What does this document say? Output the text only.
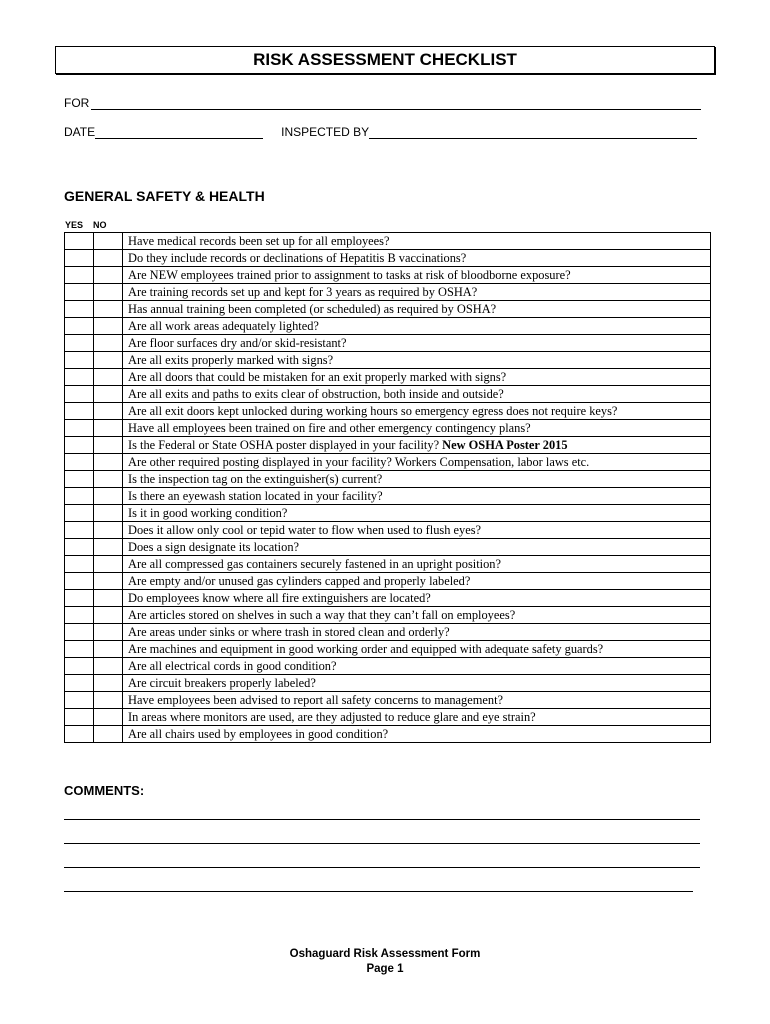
RISK ASSESSMENT CHECKLIST
FOR
DATE	INSPECTED BY
GENERAL SAFETY & HEALTH
YES NO
		Have medical records been set up for all employees?
		Do they include records or declinations of Hepatitis B vaccinations?
		Are NEW employees trained prior to assignment to tasks at risk of bloodborne exposure?
		Are training records set up and kept for 3 years as required by OSHA?
		Has annual training been completed (or scheduled) as required by OSHA?
		Are all work areas adequately lighted?
		Are floor surfaces dry and/or skid-resistant?
		Are all exits properly marked with signs?
		Are all doors that could be mistaken for an exit properly marked with signs?
		Are all exits and paths to exits clear of obstruction, both inside and outside?
		Are all exit doors kept unlocked during working hours so emergency egress does not require keys?
		Have all employees been trained on fire and other emergency contingency plans?
		Is the Federal or State OSHA poster displayed in your facility? New OSHA Poster 2015
		Are other required posting displayed in your facility? Workers Compensation, labor laws etc.
		Is the inspection tag on the extinguisher(s) current?
		Is there an eyewash station located in your facility?
		Is it in good working condition?
		Does it allow only cool or tepid water to flow when used to flush eyes?
		Does a sign designate its location?
		Are all compressed gas containers securely fastened in an upright position?
		Are empty and/or unused gas cylinders capped and properly labeled?
		Do employees know where all fire extinguishers are located?
		Are articles stored on shelves in such a way that they can’t fall on employees?
		Are areas under sinks or where trash in stored clean and orderly?
		Are machines and equipment in good working order and equipped with adequate safety guards?
		Are all electrical cords in good condition?
		Are circuit breakers properly labeled?
		Have employees been advised to report all safety concerns to management?
		In areas where monitors are used, are they adjusted to reduce glare and eye strain?
		Are all chairs used by employees in good condition?
COMMENTS:
Oshaguard Risk Assessment Form
Page 1
